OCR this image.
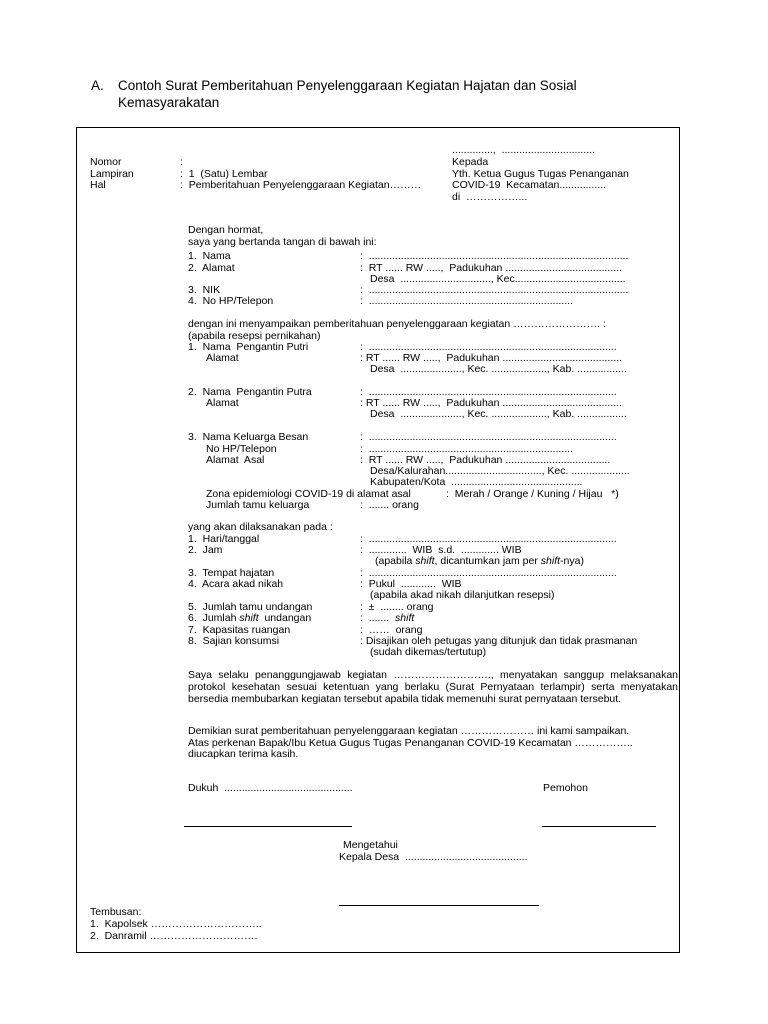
A. Contoh Surat Pemberitahuan Penyelenggaraan Kegiatan Hajatan dan Sosial
Kemasyarakatan
..............,  ................................
Nomor	:
Lampiran	:  1  (Satu) Lembar
Hal	:  Pemberitahuan Penyelenggaraan Kegiatan………
Kepada
Yth. Ketua Gugus Tugas Penanganan
COVID-19  Kecamatan................
di  ……………...
Dengan hormat,
saya yang bertanda tangan di bawah ini:
1.  Nama	:  .........................................................................................
2.  Alamat	:  RT ...... RW .....,  Padukuhan ........................................
Desa  ..............................., Kec......................................
3.  NIK	:  .........................................................................................
4.  No HP/Telepon	:  ......................................................................
dengan ini menyampaikan pemberitahuan penyelenggaraan kegiatan ……………………. :
(apabila resepsi pernikahan)
1.  Nama  Pengantin Putri	:  .....................................................................................
Alamat	: RT ...... RW .....,  Padukuhan .........................................
Desa  ....................., Kec. ..................., Kab. .................
2.  Nama  Pengantin Putra	:  .....................................................................................
Alamat	: RT ...... RW .....,  Padukuhan .........................................
Desa  ....................., Kec. ..................., Kab. .................
3.  Nama Keluarga Besan	:  .....................................................................................
No HP/Telepon	:  ......................................................................
Alamat  Asal	:  RT ...... RW .....,  Padukuhan ....................................
Desa/Kalurahan................................., Kec. ....................
Kabupaten/Kota  .............................................
Zona epidemiologi COVID-19 di alamat asal	:  Merah / Orange / Kuning / Hijau   *)
Jumlah tamu keluarga	:  ....... orang
yang akan dilaksanakan pada :
1.  Hari/tanggal	:  .....................................................................................
2.  Jam	:  .............  WIB  s.d.  ............. WIB
(apabila shift, dicantumkan jam per shift-nya)
3.  Tempat hajatan	:  .....................................................................................
4.  Acara akad nikah	:  Pukul  ............  WIB
(apabila akad nikah dilanjutkan resepsi)
5.  Jumlah tamu undangan	:  ±  ........ orang
6.  Jumlah shift  undangan	:  .......  shift
7.  Kapasitas ruangan	:  ……  orang
8.  Sajian konsumsi	: Disajikan oleh petugas yang ditunjuk dan tidak prasmanan
(sudah dikemas/tertutup)
Saya selaku penanggungjawab kegiatan ………………………., menyatakan sanggup melaksanakan protokol kesehatan sesuai ketentuan yang berlaku (Surat Pernyataan terlampir) serta menyatakan bersedia membubarkan kegiatan tersebut apabila tidak memenuhi surat pernyataan tersebut.
Demikian surat pemberitahuan penyelenggaraan kegiatan ………………… ini kami sampaikan.
Atas perkenan Bapak/Ibu Ketua Gugus Tugas Penanganan COVID-19 Kecamatan ……………..
diucapkan terima kasih.
Dukuh  ............................................	Pemohon
Mengetahui
Kepala Desa  ..........................................
Tembusan:
1.  Kapolsek …………………………..
2.  Danramil ………………………….
